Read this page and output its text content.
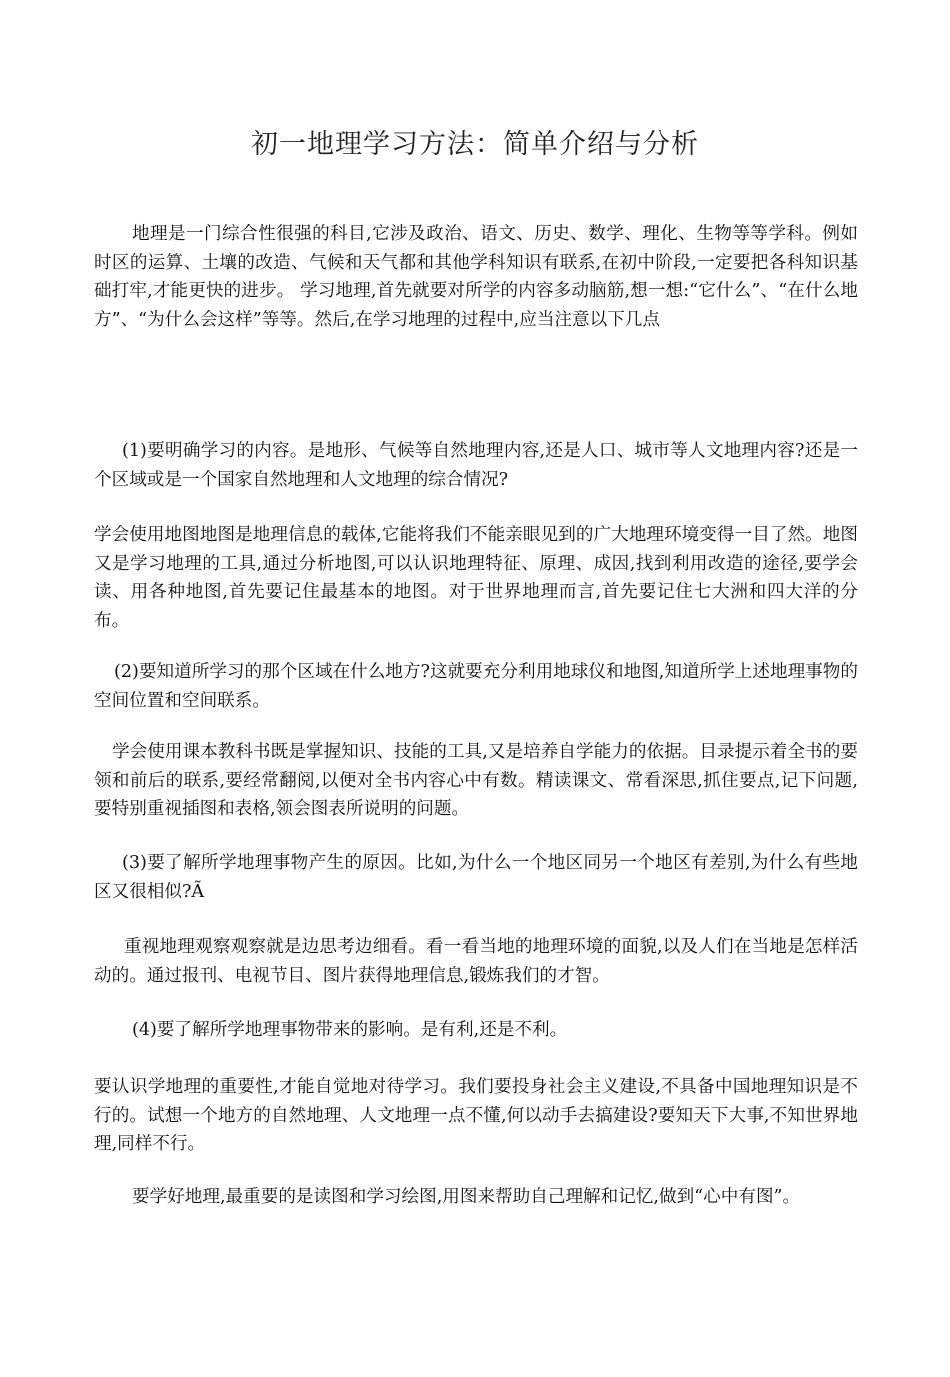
初一地理学习方法：简单介绍与分析

地理是一门综合性很强的科目,它涉及政治、语文、历史、数学、理化、生物等等学科。例如时区的运算、土壤的改造、气候和天气都和其他学科知识有联系,在初中阶段,一定要把各科知识基础打牢,才能更快的进步。 学习地理,首先就要对所学的内容多动脑筋,想一想:“它什么”、“在什么地方”、“为什么会这样”等等。然后,在学习地理的过程中,应当注意以下几点

(1)要明确学习的内容。是地形、气候等自然地理内容,还是人口、城市等人文地理内容?还是一个区域或是一个国家自然地理和人文地理的综合情况?

学会使用地图地图是地理信息的载体,它能将我们不能亲眼见到的广大地理环境变得一目了然。地图又是学习地理的工具,通过分析地图,可以认识地理特征、原理、成因,找到利用改造的途径,要学会读、用各种地图,首先要记住最基本的地图。对于世界地理而言,首先要记住七大洲和四大洋的分布。

(2)要知道所学习的那个区域在什么地方?这就要充分利用地球仪和地图,知道所学上述地理事物的空间位置和空间联系。

学会使用课本教科书既是掌握知识、技能的工具,又是培养自学能力的依据。目录提示着全书的要领和前后的联系,要经常翻阅,以便对全书内容心中有数。精读课文、常看深思,抓住要点,记下问题,要特别重视插图和表格,领会图表所说明的问题。

(3)要了解所学地理事物产生的原因。比如,为什么一个地区同另一个地区有差别,为什么有些地区又很相似?Ã

重视地理观察观察就是边思考边细看。看一看当地的地理环境的面貌,以及人们在当地是怎样活动的。通过报刊、电视节目、图片获得地理信息,锻炼我们的才智。

(4)要了解所学地理事物带来的影响。是有利,还是不利。

要认识学地理的重要性,才能自觉地对待学习。我们要投身社会主义建设,不具备中国地理知识是不行的。试想一个地方的自然地理、人文地理一点不懂,何以动手去搞建设?要知天下大事,不知世界地理,同样不行。

要学好地理,最重要的是读图和学习绘图,用图来帮助自己理解和记忆,做到“心中有图”。
